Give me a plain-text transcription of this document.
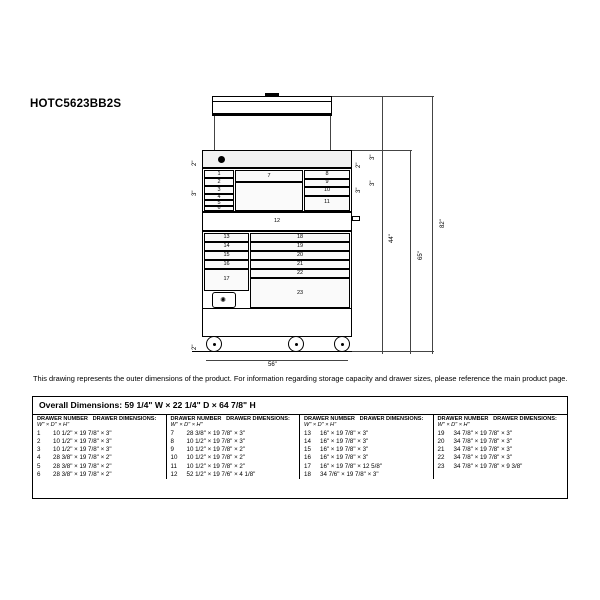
HOTC5623BB2S
1
2
3
4
5
6
7	8
9
10
11
12
13
14
15
16
17
18
19
20
21
22
23
✺
82"
65"
44"
56"
2"
3"
3"
2"
3"
3"
2"
This drawing represents the outer dimensions of the product. For information regarding storage capacity and drawer sizes, please reference the main product page.
Overall Dimensions: 59 1/4" W × 22 1/4" D × 64 7/8" H
DRAWER NUMBER DRAWER DIMENSIONS: W" × D" × H"
1	10 1/2" × 19 7/8" × 3"
2	10 1/2" × 19 7/8" × 3"
3	10 1/2" × 19 7/8" × 3"
4	28 3/8" × 19 7/8" × 2"
5	28 3/8" × 19 7/8" × 2"
6	28 3/8" × 19 7/8" × 2"
DRAWER NUMBER DRAWER DIMENSIONS: W" × D" × H"
7	28 3/8" × 19 7/8" × 3"
8	10 1/2" × 19 7/8" × 3"
9	10 1/2" × 19 7/8" × 2"
10	10 1/2" × 19 7/8" × 2"
11	10 1/2" × 19 7/8" × 2"
12	52 1/2" × 19 7/6" × 4 1/8"
DRAWER NUMBER DRAWER DIMENSIONS: W" × D" × H"
13	16" × 19 7/8" × 3"
14	16" × 19 7/8" × 3"
15	16" × 19 7/8" × 3"
16	16" × 19 7/8" × 3"
17	16" × 19 7/8" × 12 5/8"
18	34 7/6" × 19 7/8" × 3"
DRAWER NUMBER DRAWER DIMENSIONS: W" × D" × H"
19	34 7/8" × 19 7/8" × 3"
20	34 7/8" × 19 7/8" × 3"
21	34 7/8" × 19 7/8" × 3"
22	34 7/8" × 19 7/8" × 3"
23	34 7/8" × 19 7/8" × 9 3/8"
